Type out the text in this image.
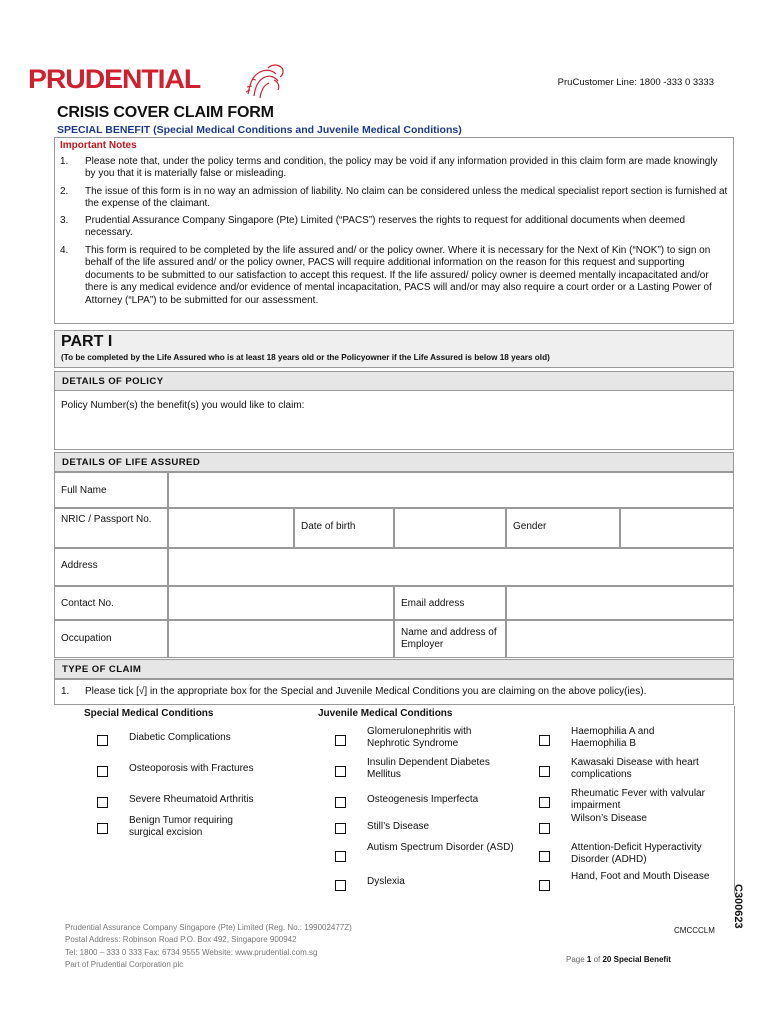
PRUDENTIAL	PruCustomer Line: 1800 -333 0 3333
CRISIS COVER CLAIM FORM
SPECIAL BENEFIT (Special Medical Conditions and Juvenile Medical Conditions)
Important Notes
1.	Please note that, under the policy terms and condition, the policy may be void if any information provided in this claim form are made knowingly by you that it is materially false or misleading.
2.	The issue of this form is in no way an admission of liability. No claim can be considered unless the medical specialist report section is furnished at the expense of the claimant.
3.	Prudential Assurance Company Singapore (Pte) Limited (“PACS”) reserves the rights to request for additional documents when deemed necessary.
4.	This form is required to be completed by the life assured and/ or the policy owner. Where it is necessary for the Next of Kin (“NOK”) to sign on behalf of the life assured and/ or the policy owner, PACS will require additional information on the reason for this request and supporting documents to be submitted to our satisfaction to accept this request. If the life assured/ policy owner is deemed mentally incapacitated and/or there is any medical evidence and/or evidence of mental incapacitation, PACS will and/or may also require a court order or a Lasting Power of Attorney (“LPA”) to be submitted for our assessment.
PART I
(To be completed by the Life Assured who is at least 18 years old or the Policyowner if the Life Assured is below 18 years old)
DETAILS OF POLICY
Policy Number(s) the benefit(s) you would like to claim:
DETAILS OF LIFE ASSURED
Full Name
NRIC / Passport No.
Date of birth	Gender
Address
Contact No.	Email address
Occupation
Name and address of Employer
TYPE OF CLAIM
1. Please tick [√] in the appropriate box for the Special and Juvenile Medical Conditions you are claiming on the above policy(ies).
Special Medical Conditions	Juvenile Medical Conditions
Diabetic Complications
Osteoporosis with Fractures
Severe Rheumatoid Arthritis
Benign Tumor requiring surgical excision
Glomerulonephritis with Nephrotic Syndrome
Insulin Dependent Diabetes Mellitus
Osteogenesis Imperfecta
Still’s Disease
Autism Spectrum Disorder (ASD)
Dyslexia
Haemophilia A and Haemophilia B
Kawasaki Disease with heart complications
Rheumatic Fever with valvular impairment
Wilson’s Disease
Attention-Deficit Hyperactivity Disorder (ADHD)
Hand, Foot and Mouth Disease
C300623
Prudential Assurance Company Singapore (Pte) Limited (Reg. No.: 199002477Z)
Postal Address: Robinson Road P.O. Box 492, Singapore 900942
Tel: 1800 – 333 0 333 Fax: 6734 9555 Website: www.prudential.com.sg
Part of Prudential Corporation plc
CMCCCLM
Page 1 of 20 Special Benefit
